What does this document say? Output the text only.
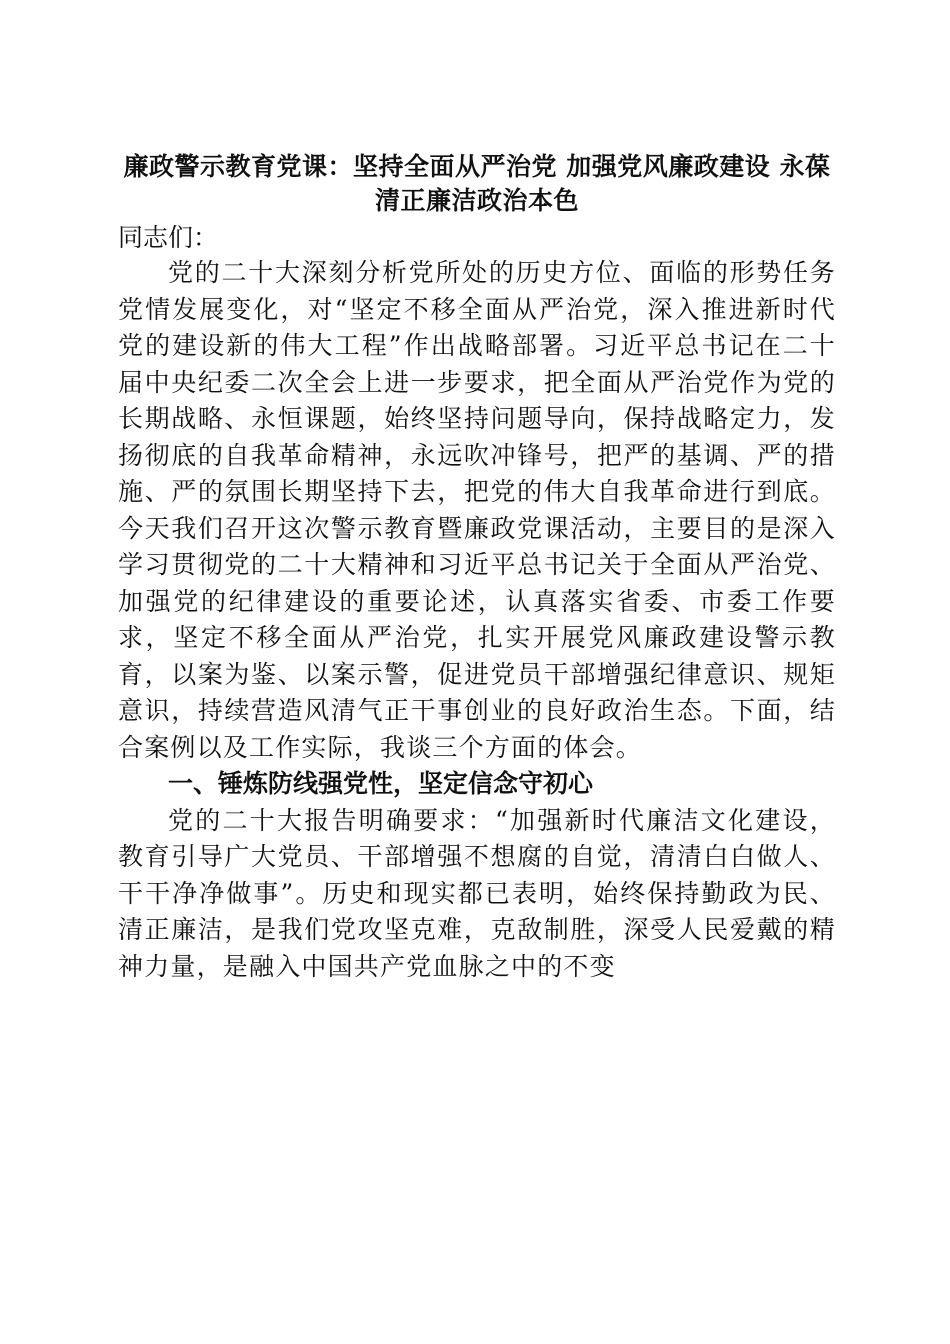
廉政警示教育党课：坚持全面从严治党 加强党风廉政建设 永葆清正廉洁政治本色

同志们：

党的二十大深刻分析党所处的历史方位、面临的形势任务党情发展变化，对“坚定不移全面从严治党，深入推进新时代党的建设新的伟大工程”作出战略部署。习近平总书记在二十届中央纪委二次全会上进一步要求，把全面从严治党作为党的长期战略、永恒课题，始终坚持问题导向，保持战略定力，发扬彻底的自我革命精神，永远吹冲锋号，把严的基调、严的措施、严的氛围长期坚持下去，把党的伟大自我革命进行到底。今天我们召开这次警示教育暨廉政党课活动，主要目的是深入学习贯彻党的二十大精神和习近平总书记关于全面从严治党、加强党的纪律建设的重要论述，认真落实省委、市委工作要求，坚定不移全面从严治党，扎实开展党风廉政建设警示教育，以案为鉴、以案示警，促进党员干部增强纪律意识、规矩意识，持续营造风清气正干事创业的良好政治生态。下面，结合案例以及工作实际，我谈三个方面的体会。

一、锤炼防线强党性，坚定信念守初心

党的二十大报告明确要求：“加强新时代廉洁文化建设，教育引导广大党员、干部增强不想腐的自觉，清清白白做人、干干净净做事”。历史和现实都已表明，始终保持勤政为民、清正廉洁，是我们党攻坚克难，克敌制胜，深受人民爱戴的精神力量，是融入中国共产党血脉之中的不变
